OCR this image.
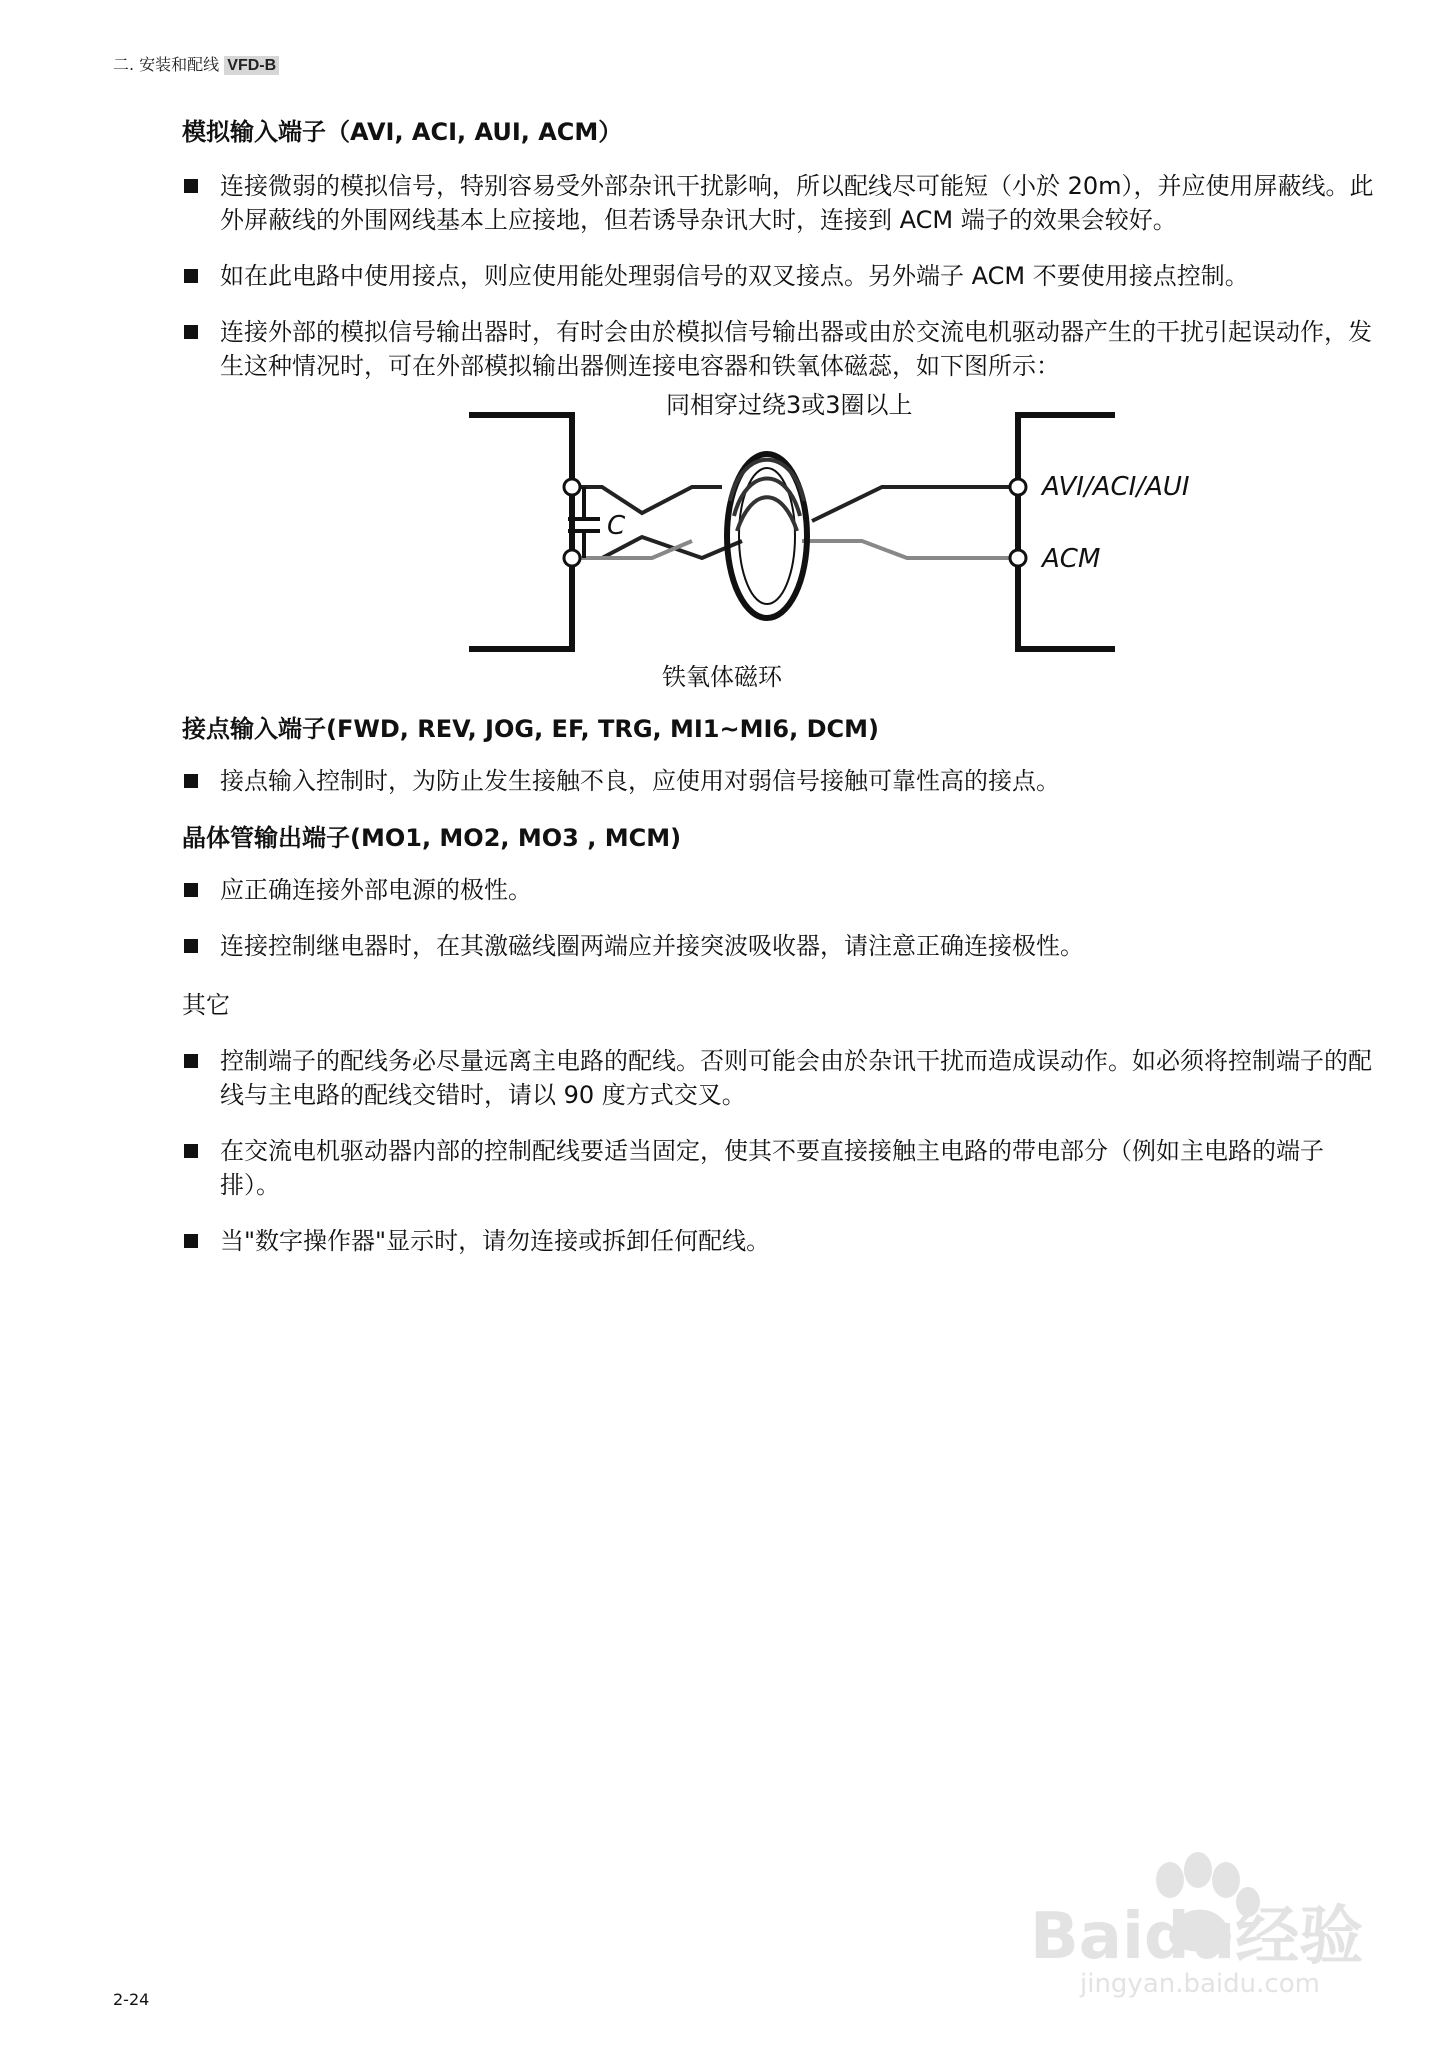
二. 安装和配线 VFD-B

模拟输入端子（AVI, ACI, AUI, ACM）

连接微弱的模拟信号，特别容易受外部杂讯干扰影响，所以配线尽可能短（小於 20m），并应使用屏蔽线。此外屏蔽线的外围网线基本上应接地，但若诱导杂讯大时，连接到 ACM 端子的效果会较好。
如在此电路中使用接点，则应使用能处理弱信号的双叉接点。另外端子 ACM 不要使用接点控制。
连接外部的模拟信号输出器时，有时会由於模拟信号输出器或由於交流电机驱动器产生的干扰引起误动作，发生这种情况时，可在外部模拟输出器侧连接电容器和铁氧体磁蕊，如下图所示：
同相穿过绕3或3圈以上
C
AVI/ACI/AUI
ACM
铁氧体磁环

接点输入端子(FWD, REV, JOG, EF, TRG, MI1~MI6, DCM)

接点输入控制时，为防止发生接触不良，应使用对弱信号接触可靠性高的接点。

晶体管输出端子(MO1, MO2, MO3 , MCM)

应正确连接外部电源的极性。
连接控制继电器时，在其激磁线圈两端应并接突波吸收器，请注意正确连接极性。

其它

控制端子的配线务必尽量远离主电路的配线。否则可能会由於杂讯干扰而造成误动作。如必须将控制端子的配线与主电路的配线交错时，请以 90 度方式交叉。
在交流电机驱动器内部的控制配线要适当固定，使其不要直接接触主电路的带电部分（例如主电路的端子排）。
当"数字操作器"显示时，请勿连接或拆卸任何配线。
Baidu经验
jingyan.baidu.com
2-24
